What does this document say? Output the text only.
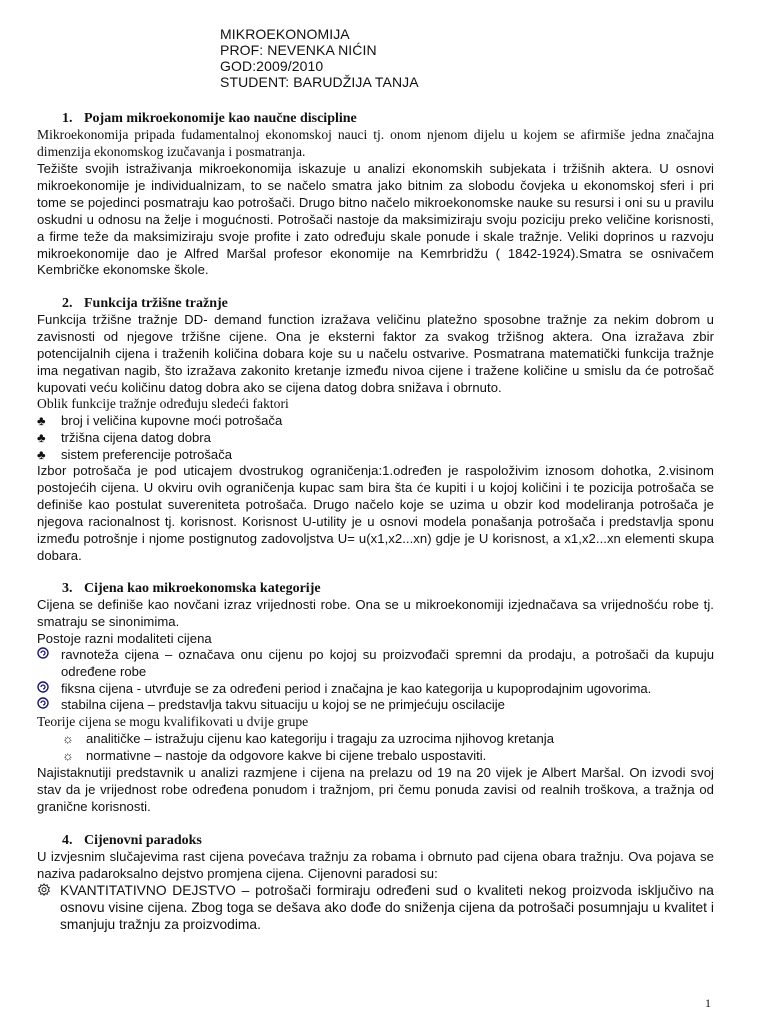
MIKROEKONOMIJA
PROF: NEVENKA NIĆIN
GOD:2009/2010
STUDENT: BARUDŽIJA TANJA
1. Pojam mikroekonomije kao naučne discipline

Mikroekonomija pripada fudamentalnoj ekonomskoj nauci tj. onom njenom dijelu u kojem se afirmiše jedna značajna dimenzija ekonomskog izučavanja i posmatranja.

Težište svojih istraživanja mikroekonomija iskazuje u analizi ekonomskih subjekata i tržišnih aktera. U osnovi mikroekonomije je individualnizam, to se načelo smatra jako bitnim za slobodu čovjeka u ekonomskoj sferi i pri tome se pojedinci posmatraju kao potrošači. Drugo bitno načelo mikroekonomske nauke su resursi i oni su u pravilu oskudni u odnosu na želje i mogućnosti. Potrošači nastoje da maksimiziraju svoju poziciju preko veličine korisnosti, a firme teže da maksimiziraju svoje profite i zato određuju skale ponude i skale tražnje. Veliki doprinos u razvoju mikroekonomije dao je Alfred Maršal profesor ekonomije na Kemrbridžu ( 1842-1924).Smatra se osnivačem Kembričke ekonomske škole.

2. Funkcija tržišne tražnje

Funkcija tržišne tražnje DD- demand function izražava veličinu platežno sposobne tražnje za nekim dobrom u zavisnosti od njegove tržišne cijene. Ona je eksterni faktor za svakog tržišnog aktera. Ona izražava zbir potencijalnih cijena i traženih količina dobara koje su u načelu ostvarive. Posmatrana matematički funkcija tražnje ima negativan nagib, što izražava zakonito kretanje između nivoa cijene i tražene količine u smislu da će potrošač kupovati veću količinu datog dobra ako se cijena datog dobra snižava i obrnuto.

Oblik funkcije tražnje određuju sledeći faktori

♣	broj i veličina kupovne moći potrošača
♣	tržišna cijena datog dobra
♣	sistem preferencije potrošača

Izbor potrošača je pod uticajem dvostrukog ograničenja:1.određen je raspoloživim iznosom dohotka, 2.visinom postojećih cijena. U okviru ovih ograničenja kupac sam bira šta će kupiti i u kojoj količini i te pozicija potrošača se definiše kao postulat suvereniteta potrošača. Drugo načelo koje se uzima u obzir kod modeliranja potrošača je njegova racionalnost tj. korisnost. Korisnost U-utility je u osnovi modela ponašanja potrošača i predstavlja sponu između potrošnje i njome postignutog zadovoljstva U= u(x1,x2...xn) gdje je U korisnost, a x1,x2...xn elementi skupa dobara.

3. Cijena kao mikroekonomska kategorije

Cijena se definiše kao novčani izraz vrijednosti robe. Ona se u mikroekonomiji izjednačava sa vrijednošću robe tj. smatraju se sinonimima.

Postoje razni modaliteti cijena

ravnoteža cijena – označava onu cijenu po kojoj su proizvođači spremni da prodaju, a potrošači da kupuju određene robe
fiksna cijena - utvrđuje se za određeni period i značajna je kao kategorija u kupoprodajnim ugovorima.
stabilna cijena – predstavlja takvu situaciju u kojoj se ne primjećuju oscilacije

Teorije cijena se mogu kvalifikovati u dvije grupe

☼ analitičke – istražuju cijenu kao kategoriju i tragaju za uzrocima njihovog kretanja
☼ normativne – nastoje da odgovore kakve bi cijene trebalo uspostaviti.

Najistaknutiji predstavnik u analizi razmjene i cijena na prelazu od 19 na 20 vijek je Albert Maršal. On izvodi svoj stav da je vrijednost robe određena ponudom i tražnjom, pri čemu ponuda zavisi od realnih troškova, a tražnja od granične korisnosti.

4. Cijenovni paradoks

U izvjesnim slučajevima rast cijena povećava tražnju za robama i obrnuto pad cijena obara tražnju. Ova pojava se naziva padaroksalno dejstvo promjena cijena. Cijenovni paradosi su:

KVANTITATIVNO DEJSTVO – potrošači formiraju određeni sud o kvaliteti nekog proizvoda isključivo na osnovu visine cijena. Zbog toga se dešava ako dođe do sniženja cijena da potrošači posumnjaju u kvalitet i smanjuju tražnju za proizvodima.
1
